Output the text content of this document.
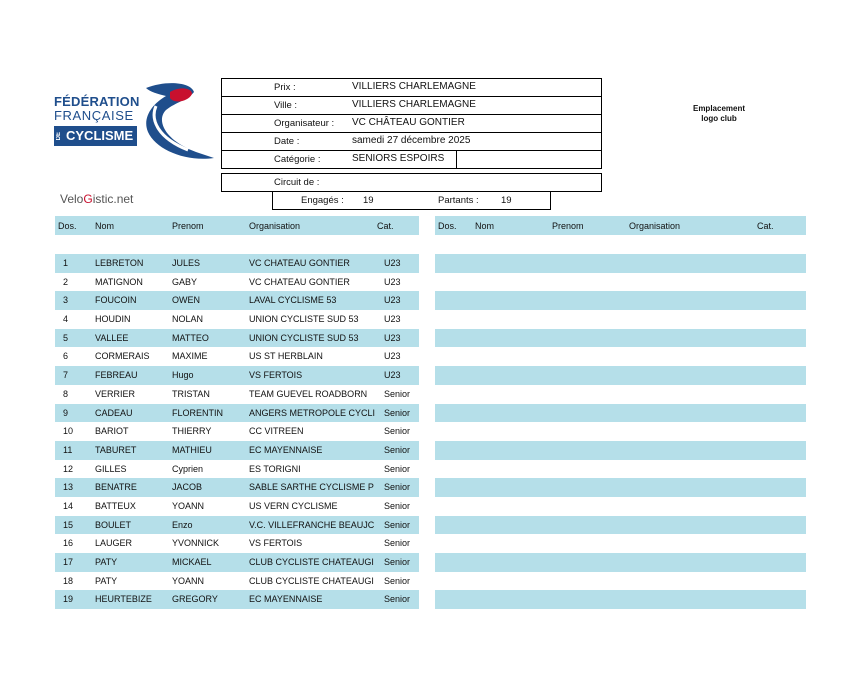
FÉDÉRATION
FRANÇAISE
DE CYCLISME
VeloGistic.net
Prix :	VILLIERS CHARLEMAGNE
Ville :	VILLIERS CHARLEMAGNE
Organisateur : VC CHÂTEAU GONTIER
Date :	samedi 27 décembre 2025
Catégorie :	SENIORS ESPOIRS
Circuit de :
Engagés : 19	Partants : 19
Emplacement
logo club
Dos. Nom	Prenom	Organisation	Cat.	Dos. Nom	Prenom	Organisation	Cat.
1	LEBRETON	JULES	VC CHATEAU GONTIER	U23
2	MATIGNON	GABY	VC CHATEAU GONTIER	U23
3	FOUCOIN	OWEN	LAVAL CYCLISME 53	U23
4	HOUDIN	NOLAN	UNION CYCLISTE SUD 53	U23
5	VALLEE	MATTEO	UNION CYCLISTE SUD 53	U23
6	CORMERAIS	MAXIME	US ST HERBLAIN	U23
7	FEBREAU	Hugo	VS FERTOIS	U23
8	VERRIER	TRISTAN	TEAM GUEVEL ROADBORN	Senior
9	CADEAU	FLORENTIN	ANGERS METROPOLE CYCLI Senior
10	BARIOT	THIERRY	CC VITREEN	Senior
11	TABURET	MATHIEU	EC MAYENNAISE	Senior
12	GILLES	Cyprien	ES TORIGNI	Senior
13	BENATRE	JACOB	SABLE SARTHE CYCLISME P	Senior
14	BATTEUX	YOANN	US VERN CYCLISME	Senior
15	BOULET	Enzo	V.C. VILLEFRANCHE BEAUJC	Senior
16	LAUGER	YVONNICK	VS FERTOIS	Senior
17	PATY	MICKAEL	CLUB CYCLISTE CHATEAUGI	Senior
18	PATY	YOANN	CLUB CYCLISTE CHATEAUGI	Senior
19	HEURTEBIZE	GREGORY	EC MAYENNAISE	Senior
